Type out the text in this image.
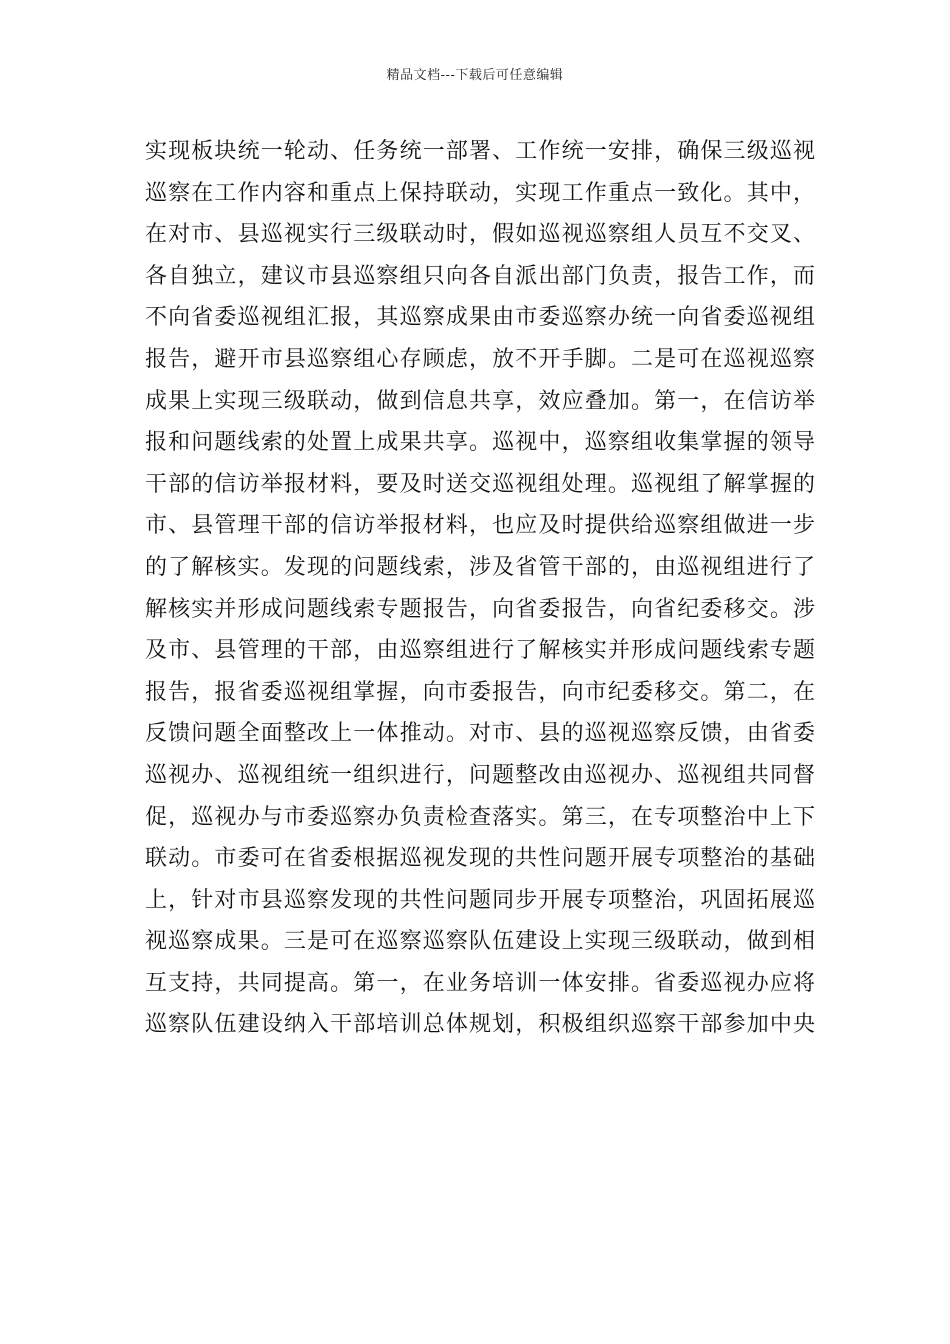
精品文档---下载后可任意编辑
实现板块统一轮动、任务统一部署、工作统一安排，确保三级巡视
巡察在工作内容和重点上保持联动，实现工作重点一致化。其中，
在对市、县巡视实行三级联动时，假如巡视巡察组人员互不交叉、
各自独立，建议市县巡察组只向各自派出部门负责，报告工作，而
不向省委巡视组汇报，其巡察成果由市委巡察办统一向省委巡视组
报告，避开市县巡察组心存顾虑，放不开手脚。二是可在巡视巡察
成果上实现三级联动，做到信息共享，效应叠加。第一，在信访举
报和问题线索的处置上成果共享。巡视中，巡察组收集掌握的领导
干部的信访举报材料，要及时送交巡视组处理。巡视组了解掌握的
市、县管理干部的信访举报材料，也应及时提供给巡察组做进一步
的了解核实。发现的问题线索，涉及省管干部的，由巡视组进行了
解核实并形成问题线索专题报告，向省委报告，向省纪委移交。涉
及市、县管理的干部，由巡察组进行了解核实并形成问题线索专题
报告，报省委巡视组掌握，向市委报告，向市纪委移交。第二，在
反馈问题全面整改上一体推动。对市、县的巡视巡察反馈，由省委
巡视办、巡视组统一组织进行，问题整改由巡视办、巡视组共同督
促，巡视办与市委巡察办负责检查落实。第三，在专项整治中上下
联动。市委可在省委根据巡视发现的共性问题开展专项整治的基础
上，针对市县巡察发现的共性问题同步开展专项整治，巩固拓展巡
视巡察成果。三是可在巡察巡察队伍建设上实现三级联动，做到相
互支持，共同提高。第一，在业务培训一体安排。省委巡视办应将
巡察队伍建设纳入干部培训总体规划，积极组织巡察干部参加中央
